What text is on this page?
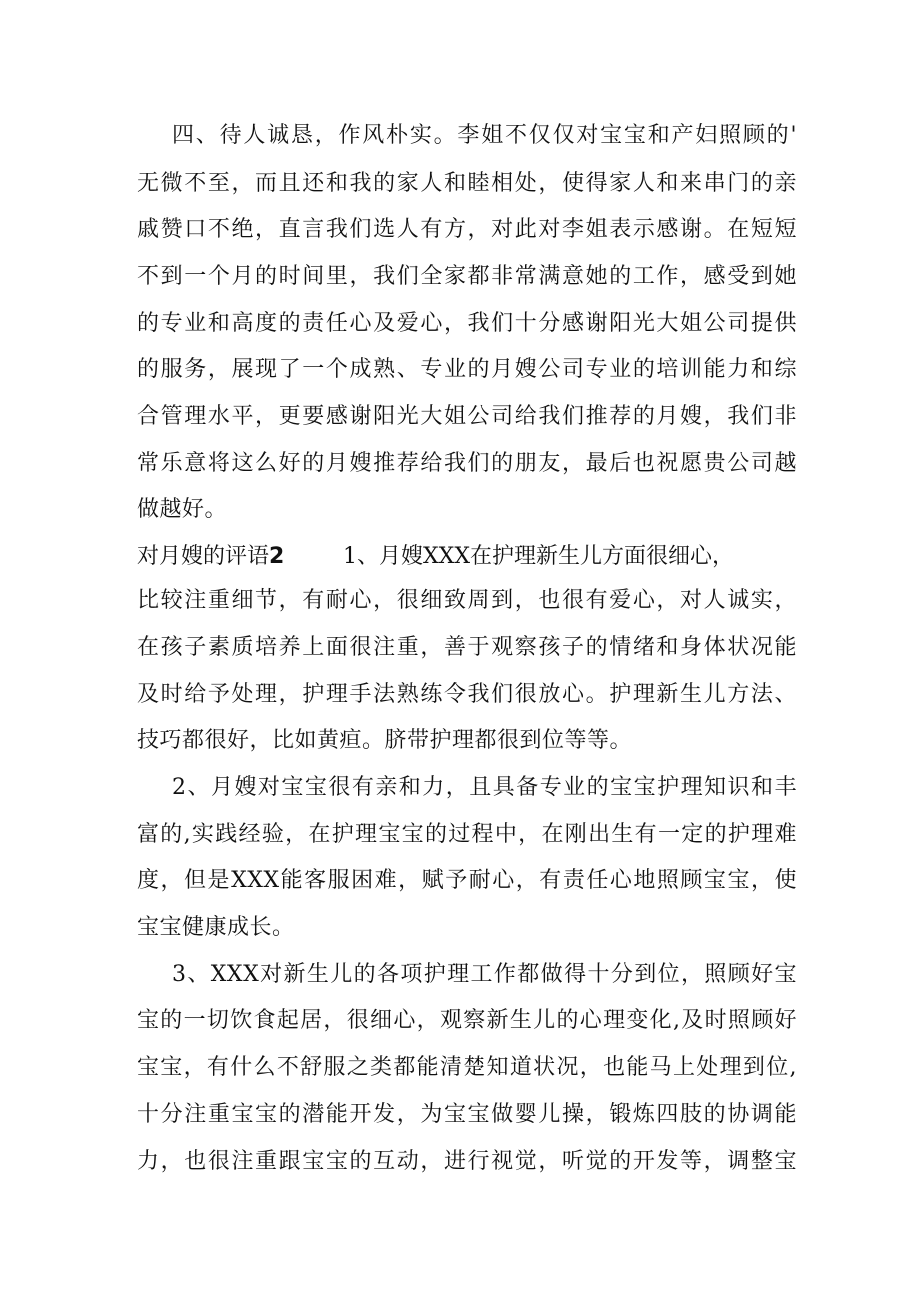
四、待人诚恳，作风朴实。李姐不仅仅对宝宝和产妇照顾的'
无微不至，而且还和我的家人和睦相处，使得家人和来串门的亲
戚赞口不绝，直言我们选人有方，对此对李姐表示感谢。在短短
不到一个月的时间里，我们全家都非常满意她的工作，感受到她
的专业和高度的责任心及爱心，我们十分感谢阳光大姐公司提供
的服务，展现了一个成熟、专业的月嫂公司专业的培训能力和综
合管理水平，更要感谢阳光大姐公司给我们推荐的月嫂，我们非
常乐意将这么好的月嫂推荐给我们的朋友，最后也祝愿贵公司越
做越好。
对月嫂的评语2	1、月嫂XXX在护理新生儿方面很细心，
比较注重细节，有耐心，很细致周到，也很有爱心，对人诚实，
在孩子素质培养上面很注重，善于观察孩子的情绪和身体状况能
及时给予处理，护理手法熟练令我们很放心。护理新生儿方法、
技巧都很好，比如黄疸。脐带护理都很到位等等。
2、月嫂对宝宝很有亲和力，且具备专业的宝宝护理知识和丰
富的,实践经验，在护理宝宝的过程中，在刚出生有一定的护理难
度，但是XXX能客服困难，赋予耐心，有责任心地照顾宝宝，使
宝宝健康成长。
3、XXX对新生儿的各项护理工作都做得十分到位，照顾好宝
宝的一切饮食起居，很细心，观察新生儿的心理变化,及时照顾好
宝宝，有什么不舒服之类都能清楚知道状况，也能马上处理到位,
十分注重宝宝的潜能开发，为宝宝做婴儿操，锻炼四肢的协调能
力，也很注重跟宝宝的互动，进行视觉，听觉的开发等，调整宝
